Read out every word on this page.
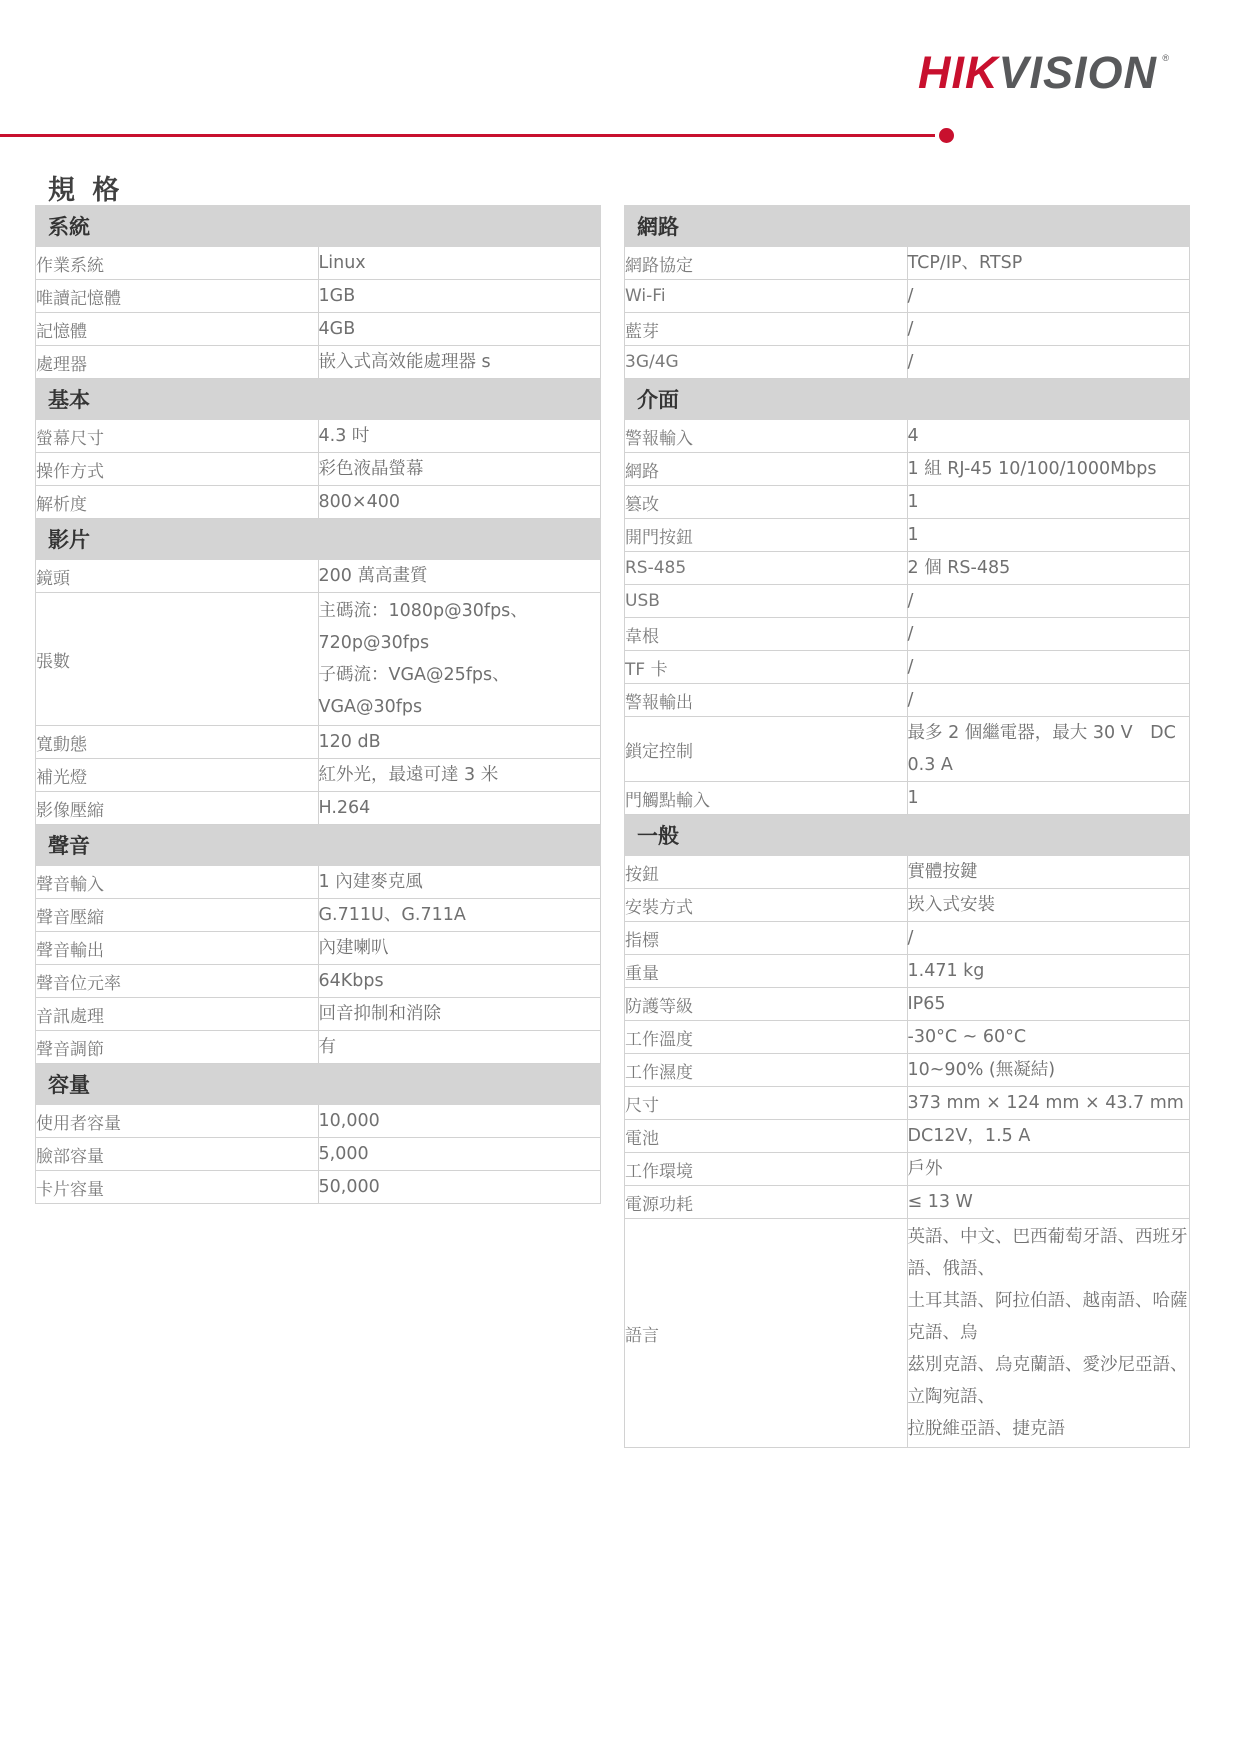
HIKVISION ®
規 格
系統	
作業系統	Linux

唯讀記憶體	1GB

記憶體	4GB

處理器	嵌入式高效能處理器 s

基本	
螢幕尺寸	4.3 吋

操作方式	彩色液晶螢幕

解析度	800×400

影片	
鏡頭	200 萬高畫質

張數	主碼流：1080p@30fps、720p@30fps
子碼流：VGA@25fps、VGA@30fps

寬動態	120 dB

補光燈	紅外光，最遠可達 3 米

影像壓縮	H.264

聲音	
聲音輸入	1 內建麥克風

聲音壓縮	G.711U、G.711A

聲音輸出	內建喇叭

聲音位元率	64Kbps

音訊處理	回音抑制和消除

聲音調節	有

容量	
使用者容量	10,000

臉部容量	5,000

卡片容量	50,000
網路	
網路協定	TCP/IP、RTSP

Wi-Fi	/

藍芽	/

3G/4G	/

介面	
警報輸入	4

網路	1 組 RJ-45 10/100/1000Mbps

篡改	1

開門按鈕	1

RS-485	2 個 RS-485

USB	/

韋根	/

TF 卡	/

警報輸出	/

鎖定控制	最多 2 個繼電器，最大 30 V　DC　0.3 A

門觸點輸入	1

一般	
按鈕	實體按鍵

安裝方式	崁入式安裝

指標	/

重量	1.471 kg

防護等級	IP65

工作溫度	-30°C ~ 60°C

工作濕度	10~90% (無凝結)

尺寸	373 mm × 124 mm × 43.7 mm

電池	DC12V，1.5 A

工作環境	戶外

電源功耗	≤ 13 W

語言	英語、中文、巴西葡萄牙語、西班牙語、俄語、
土耳其語、阿拉伯語、越南語、哈薩克語、烏
茲別克語、烏克蘭語、愛沙尼亞語、立陶宛語、
拉脫維亞語、捷克語
